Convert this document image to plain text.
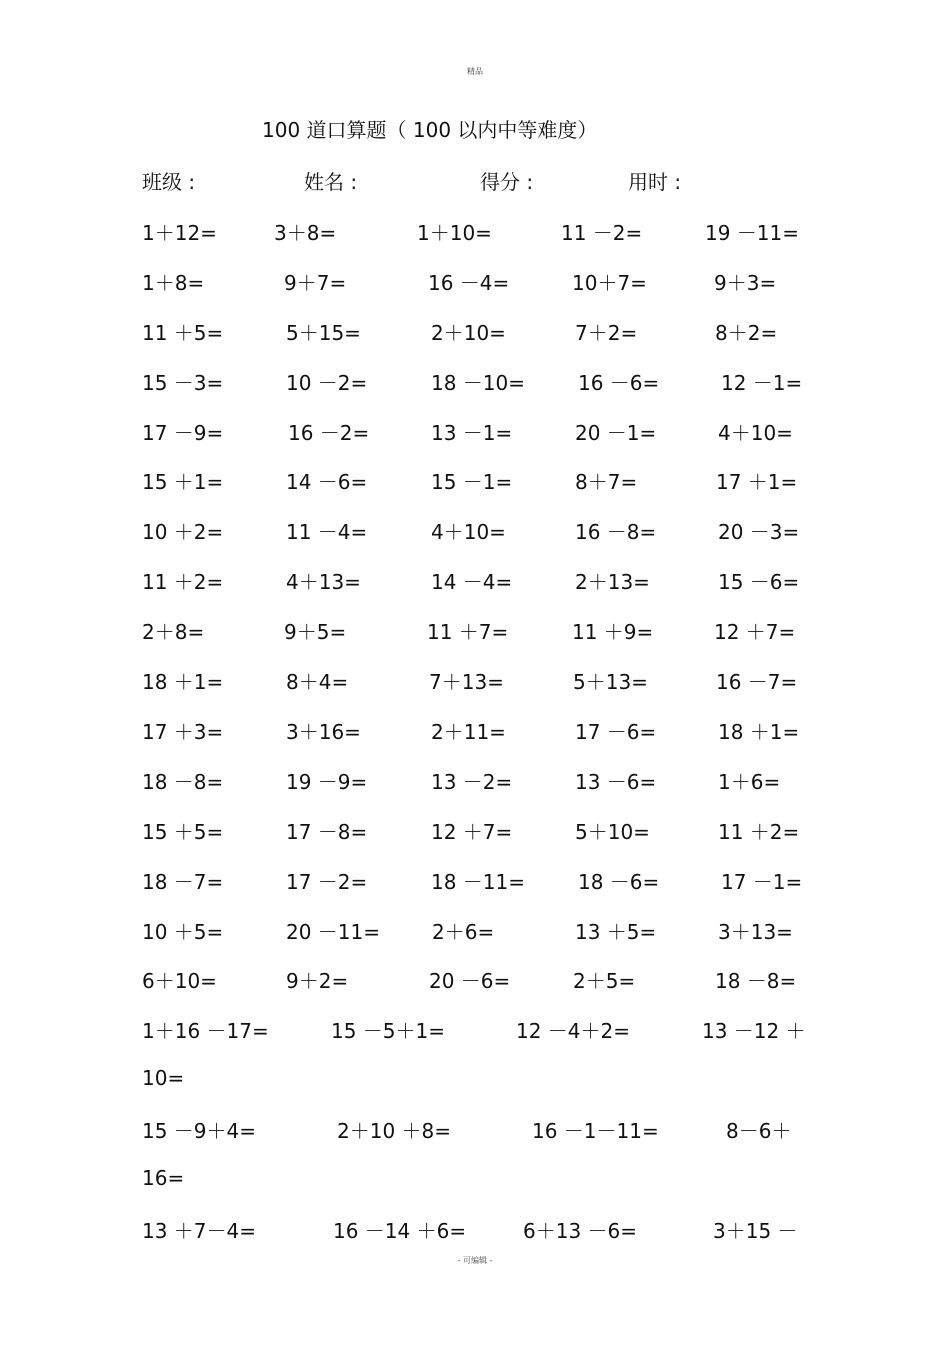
精品
100 道口算题（ 100 以内中等难度）
班级 :	姓名 :	得分 :	用时 :
1＋12=	3＋8=	1＋10=	11 －2=	19 －11=
1＋8=	9＋7=	16 －4=	10＋7=	9＋3=
11 ＋5=	5＋15=	2＋10=	7＋2=	8＋2=
15 －3=	10 －2=	18 －10=	16 －6=	12 －1=
17 －9=	16 －2=	13 －1=	20 －1=	4＋10=
15 ＋1=	14 －6=	15 －1=	8＋7=	17 ＋1=
10 ＋2=	11 －4=	4＋10=	16 －8=	20 －3=
11 ＋2=	4＋13=	14 －4=	2＋13=	15 －6=
2＋8=	9＋5=	11 ＋7=	11 ＋9=	12 ＋7=
18 ＋1=	8＋4=	7＋13=	5＋13=	16 －7=
17 ＋3=	3＋16=	2＋11=	17 －6=	18 ＋1=
18 －8=	19 －9=	13 －2=	13 －6=	1＋6=
15 ＋5=	17 －8=	12 ＋7=	5＋10=	11 ＋2=
18 －7=	17 －2=	18 －11=	18 －6=	17 －1=
10 ＋5=	20 －11=	2＋6=	13 ＋5=	3＋13=
6＋10=	9＋2=	20 －6=	2＋5=	18 －8=
1＋16 －17=	15 －5＋1=	12 －4＋2=	13 －12 ＋
10=
15 －9＋4=	2＋10 ＋8=	16 －1－11=	8－6＋
16=
13 ＋7－4=	16 －14 ＋6=	6＋13 －6=	3＋15 －
- 可编辑 -
